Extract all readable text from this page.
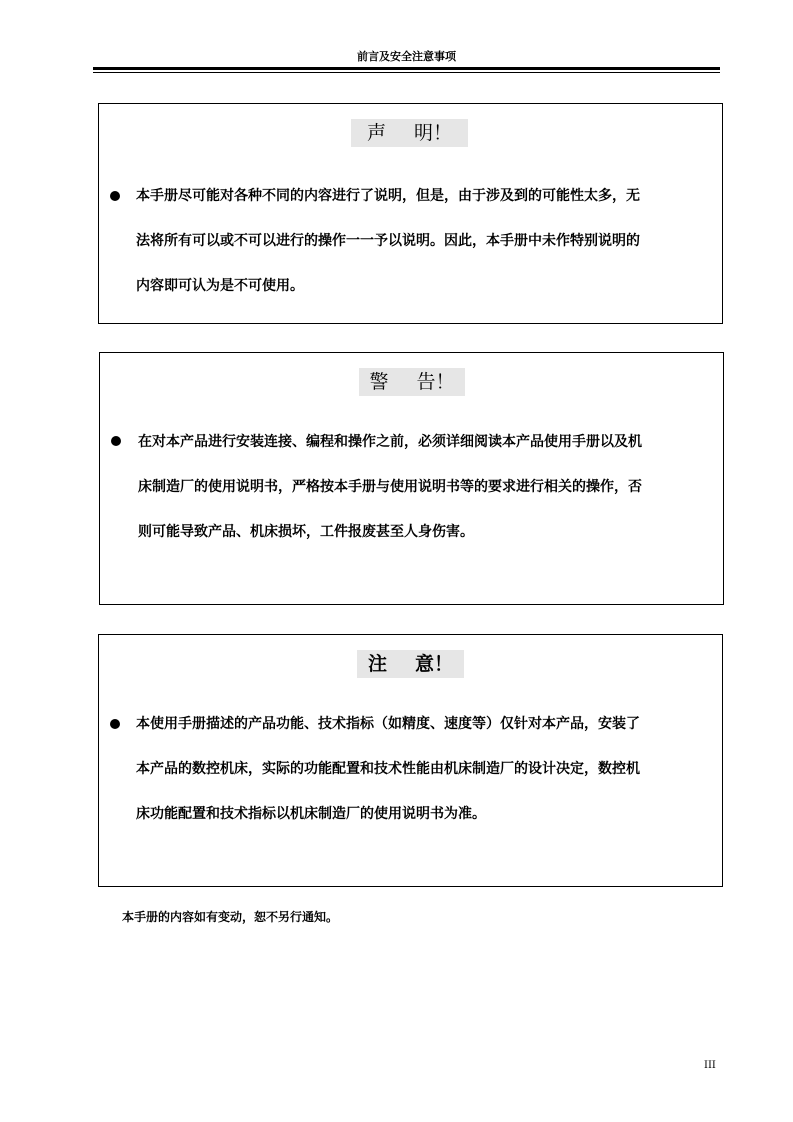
前言及安全注意事项
声 明！
本手册尽可能对各种不同的内容进行了说明，但是，由于涉及到的可能性太多，无
法将所有可以或不可以进行的操作一一予以说明。因此，本手册中未作特别说明的
内容即可认为是不可使用。
警 告！
在对本产品进行安装连接、编程和操作之前，必须详细阅读本产品使用手册以及机
床制造厂的使用说明书，严格按本手册与使用说明书等的要求进行相关的操作，否
则可能导致产品、机床损坏，工件报废甚至人身伤害。
注 意！
本使用手册描述的产品功能、技术指标（如精度、速度等）仅针对本产品，安装了
本产品的数控机床，实际的功能配置和技术性能由机床制造厂的设计决定，数控机
床功能配置和技术指标以机床制造厂的使用说明书为准。
本手册的内容如有变动，恕不另行通知。
III
